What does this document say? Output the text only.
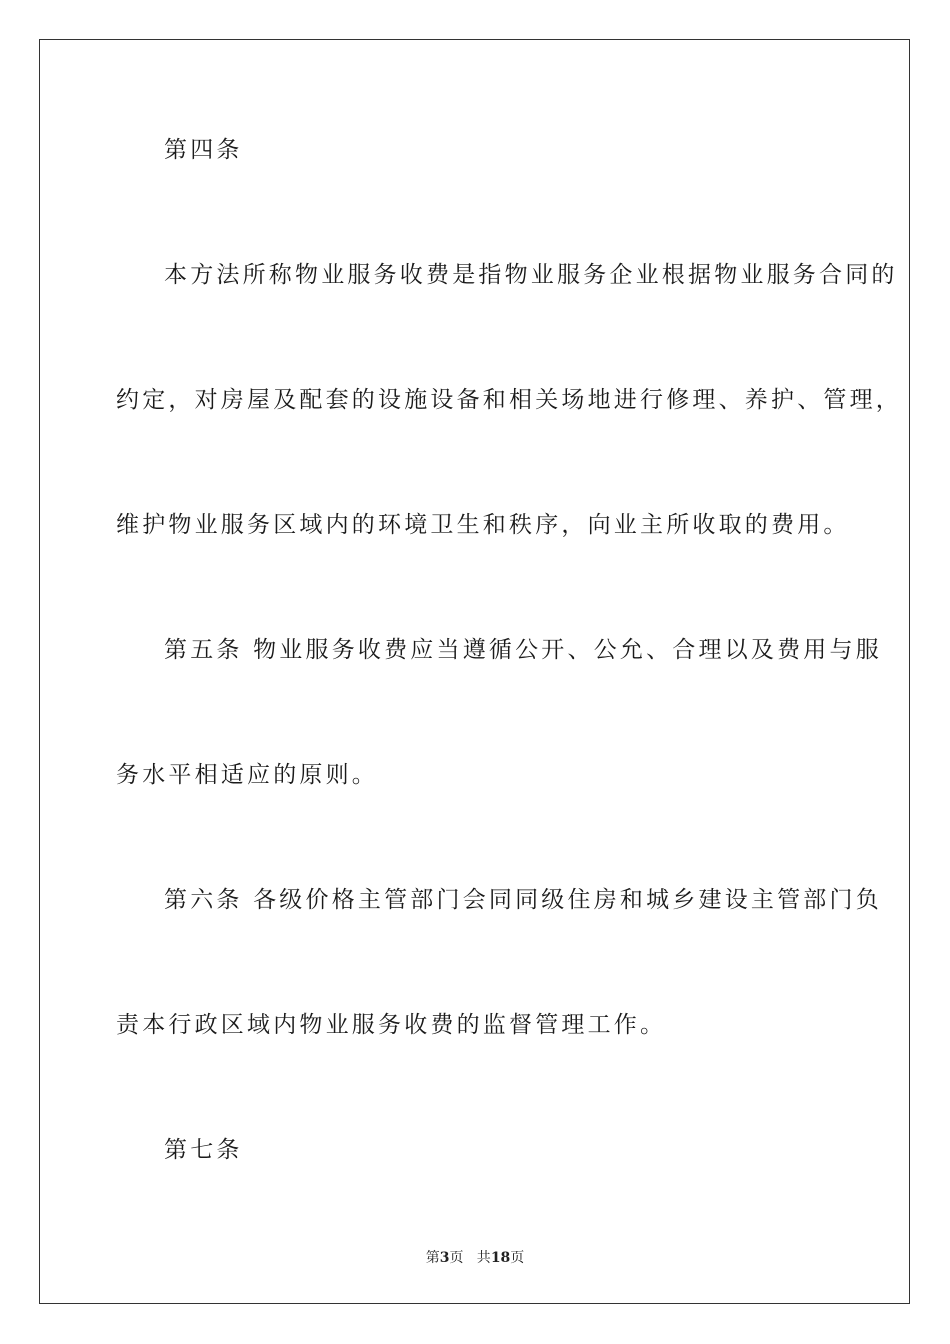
第四条
本方法所称物业服务收费是指物业服务企业根据物业服务合同的
约定，对房屋及配套的设施设备和相关场地进行修理、养护、管理，
维护物业服务区域内的环境卫生和秩序，向业主所收取的费用。
第五条 物业服务收费应当遵循公开、公允、合理以及费用与服
务水平相适应的原则。
第六条 各级价格主管部门会同同级住房和城乡建设主管部门负
责本行政区域内物业服务收费的监督管理工作。
第七条
第3页   共18页
